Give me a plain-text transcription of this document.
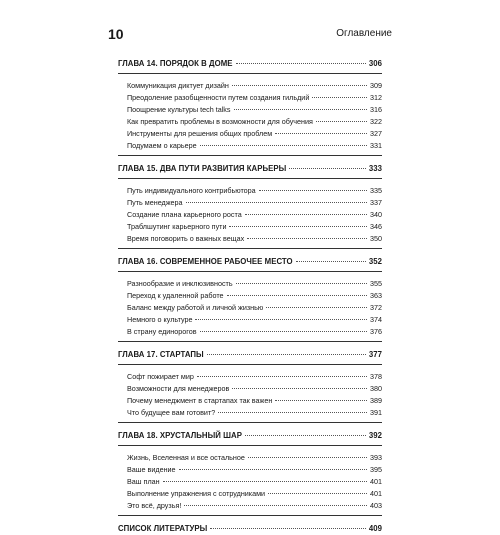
10	Оглавление
ГЛАВА 14. ПОРЯДОК В ДОМЕ	306
Коммуникация диктует дизайн	309
Преодоление разобщенности путем создания гильдий	312
Поощрение культуры tech talks	316
Как превратить проблемы в возможности для обучения	322
Инструменты для решения общих проблем	327
Подумаем о карьере	331
ГЛАВА 15. ДВА ПУТИ РАЗВИТИЯ КАРЬЕРЫ	333
Путь индивидуального контрибьютора	335
Путь менеджера	337
Создание плана карьерного роста	340
Траблшутинг карьерного пути	346
Время поговорить о важных вещах	350
ГЛАВА 16. СОВРЕМЕННОЕ РАБОЧЕЕ МЕСТО	352
Разнообразие и инклюзивность	355
Переход к удаленной работе	363
Баланс между работой и личной жизнью	372
Немного о культуре	374
В страну единорогов	376
ГЛАВА 17. СТАРТАПЫ	377
Софт пожирает мир	378
Возможности для менеджеров	380
Почему менеджмент в стартапах так важен	389
Что будущее вам готовит?	391
ГЛАВА 18. ХРУСТАЛЬНЫЙ ШАР	392
Жизнь, Вселенная и все остальное	393
Ваше видение	395
Ваш план	401
Выполнение упражнения с сотрудниками	401
Это всё, друзья!	403
СПИСОК ЛИТЕРАТУРЫ	409
